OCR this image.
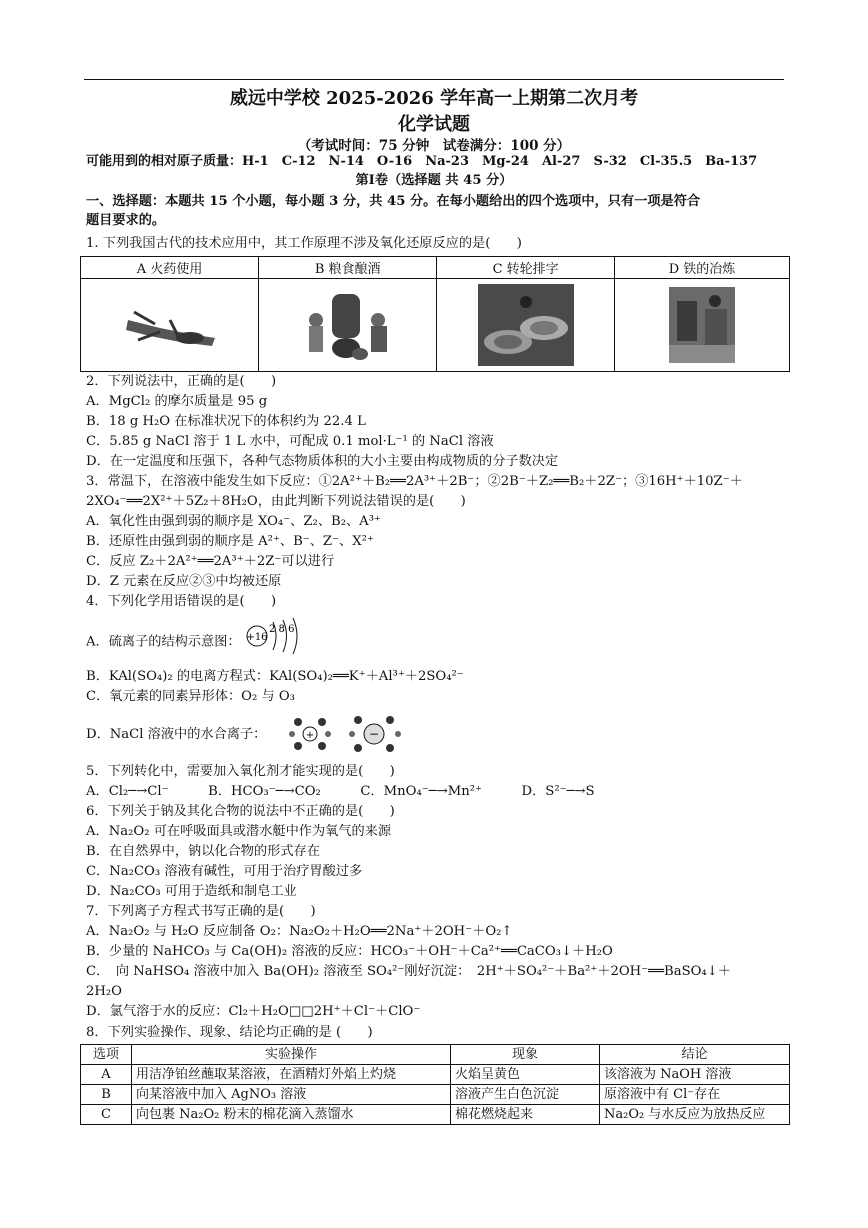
威远中学校 2025-2026 学年高一上期第二次月考
化学试题
（考试时间：75 分钟　试卷满分：100 分）
可能用到的相对原子质量：H-1　C-12　N-14　O-16　Na-23　Mg-24　Al-27　S-32　Cl-35.5　Ba-137
第Ⅰ卷（选择题 共 45 分）
一、选择题：本题共 15 个小题，每小题 3 分，共 45 分。在每小题给出的四个选项中，只有一项是符合
题目要求的。
1. 下列我国古代的技术应用中，其工作原理不涉及氧化还原反应的是(　　)
A 火药使用	B 粮食酿酒	C 转轮排字	D 铁的冶炼

2．下列说法中，正确的是(　　)
A．MgCl₂ 的摩尔质量是 95 g
B．18 g H₂O 在标准状况下的体积约为 22.4 L
C．5.85 g NaCl 溶于 1 L 水中，可配成 0.1 mol·L⁻¹ 的 NaCl 溶液
D．在一定温度和压强下，各种气态物质体积的大小主要由构成物质的分子数决定
3．常温下，在溶液中能发生如下反应：①2A²⁺＋B₂══2A³⁺＋2B⁻；②2B⁻＋Z₂══B₂＋2Z⁻；③16H⁺＋10Z⁻＋
2XO₄⁻══2X²⁺＋5Z₂＋8H₂O，由此判断下列说法错误的是(　　)
A．氧化性由强到弱的顺序是 XO₄⁻、Z₂、B₂、A³⁺
B．还原性由强到弱的顺序是 A²⁺、B⁻、Z⁻、X²⁺
C．反应 Z₂＋2A²⁺══2A³⁺＋2Z⁻可以进行
D．Z 元素在反应②③中均被还原
4．下列化学用语错误的是(　　)
A．硫离子的结构示意图： +16
2 8 6
B．KAl(SO₄)₂ 的电离方程式：KAl(SO₄)₂══K⁺＋Al³⁺＋2SO₄²⁻
C．氧元素的同素异形体：O₂ 与 O₃
D．NaCl 溶液中的水合离子：	+	−
5．下列转化中，需要加入氧化剂才能实现的是(　　)
A．Cl₂─→Cl⁻　　　B．HCO₃⁻─→CO₂　　　C．MnO₄⁻─→Mn²⁺　　　D．S²⁻─→S
6．下列关于钠及其化合物的说法中不正确的是(　　)
A．Na₂O₂ 可在呼吸面具或潜水艇中作为氧气的来源
B．在自然界中，钠以化合物的形式存在
C．Na₂CO₃ 溶液有碱性，可用于治疗胃酸过多
D．Na₂CO₃ 可用于造纸和制皂工业
7．下列离子方程式书写正确的是(　　)
A．Na₂O₂ 与 H₂O 反应制备 O₂：Na₂O₂＋H₂O══2Na⁺＋2OH⁻＋O₂↑
B．少量的 NaHCO₃ 与 Ca(OH)₂ 溶液的反应：HCO₃⁻＋OH⁻＋Ca²⁺══CaCO₃↓＋H₂O
C．　向 NaHSO₄ 溶液中加入 Ba(OH)₂ 溶液至 SO₄²⁻刚好沉淀：　2H⁺＋SO₄²⁻＋Ba²⁺＋2OH⁻══BaSO₄↓＋
2H₂O
D．氯气溶于水的反应：Cl₂＋H₂O□□2H⁺＋Cl⁻＋ClO⁻
8．下列实验操作、现象、结论均正确的是 (　　)
选项	实验操作	现象	结论
A	用洁净铂丝蘸取某溶液，在酒精灯外焰上灼烧	火焰呈黄色	该溶液为 NaOH 溶液
B	向某溶液中加入 AgNO₃ 溶液	溶液产生白色沉淀	原溶液中有 Cl⁻存在
C	向包裹 Na₂O₂ 粉末的棉花滴入蒸馏水	棉花燃烧起来	Na₂O₂ 与水反应为放热反应
